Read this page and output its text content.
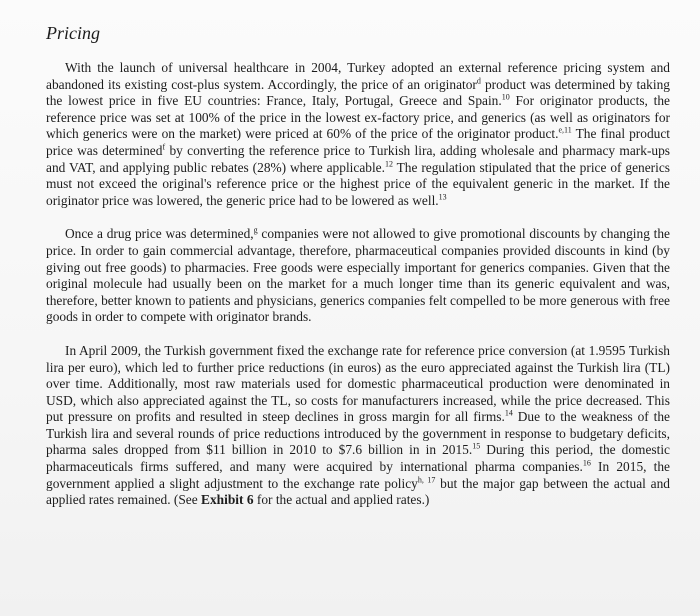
Pricing

With the launch of universal healthcare in 2004, Turkey adopted an external reference pricing system and abandoned its existing cost-plus system. Accordingly, the price of an originator$^d$ product was determined by taking the lowest price in five EU countries: France, Italy, Portugal, Greece and Spain.$^{10}$ For originator products, the reference price was set at 100% of the price in the lowest ex-factory price, and generics (as well as originators for which generics were on the market) were priced at 60% of the price of the originator product.$^{e,11}$ The final product price was determined$^f$ by converting the reference price to Turkish lira, adding wholesale and pharmacy mark-ups and VAT, and applying public rebates (28%) where applicable.$^{12}$ The regulation stipulated that the price of generics must not exceed the original's reference price or the highest price of the equivalent generic in the market. If the originator price was lowered, the generic price had to be lowered as well.$^{13}$

Once a drug price was determined,$^g$ companies were not allowed to give promotional discounts by changing the price. In order to gain commercial advantage, therefore, pharmaceutical companies provided discounts in kind (by giving out free goods) to pharmacies. Free goods were especially important for generics companies. Given that the original molecule had usually been on the market for a much longer time than its generic equivalent and was, therefore, better known to patients and physicians, generics companies felt compelled to be more generous with free goods in order to compete with originator brands.

In April 2009, the Turkish government fixed the exchange rate for reference price conversion (at 1.9595 Turkish lira per euro), which led to further price reductions (in euros) as the euro appreciated against the Turkish lira (TL) over time. Additionally, most raw materials used for domestic pharmaceutical production were denominated in USD, which also appreciated against the TL, so costs for manufacturers increased, while the price decreased. This put pressure on profits and resulted in steep declines in gross margin for all firms.$^{14}$ Due to the weakness of the Turkish lira and several rounds of price reductions introduced by the government in response to budgetary deficits, pharma sales dropped from $11 billion in 2010 to $7.6 billion in in 2015.15 During this period, the domestic pharmaceuticals firms suffered, and many were acquired by international pharma companies.$^{16}$ In 2015, the government applied a slight adjustment to the exchange rate policy$^{h, 17}$ but the major gap between the actual and applied rates remained. (See Exhibit 6 for the actual and applied rates.)
